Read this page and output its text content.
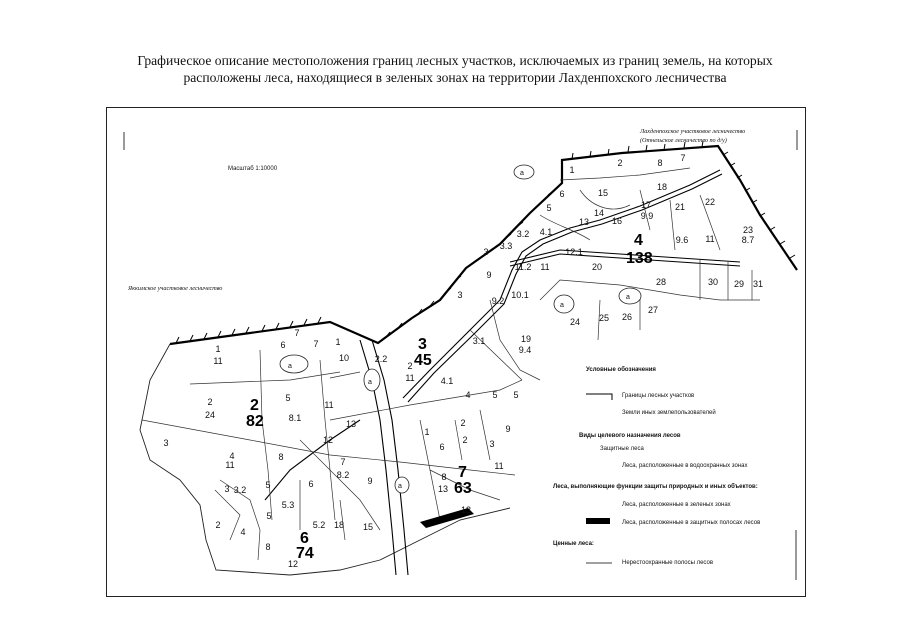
Графическое описание местоположения границ лесных участков, исключаемых из границ земель, на которых
расположены леса, находящиеся в зеленых зонах на территории Лахденпохского лесничества
а
а
а
а
а
а
Масштаб 1:10000
Лахденпохское участковое лесничество
(Отнельское лесничество по д/у)
Яккимское участковое лесничество
2
82
3
45
4
138
6
74
7
63
1
2	8 7
15
18
5
6
17
9.9
14
13	16
21
9.6
22
11
23
8.7
3.2 4.1
3.3
3	12.1
20
11.2 11
9
28	30 29 31
10.1
3
9.2
24 25 26
27
19
9.4
3.1
1
11
6
7
7 1
10	2.2
2
11	4.1
2
24
5
11
8.1
4 5 5
13
12
3
4
11
8	7
8.2
1
2
9
6
2 3
11
6	9	8
13
5
3.2
3
5.3	13
2
4
5
5.2 18 15
8
12
Условные обозначения
Границы лесных участков
Земли иных землепользователей
Виды целевого назначения лесов
Защитные леса
Леса, расположенные в водоохранных зонах
Леса, выполняющие функции защиты природных и иных объектов:
Леса, расположенные в зеленых зонах
Леса, расположенные в защитных полосах лесов
Ценные леса:
Нерестоохранные полосы лесов
